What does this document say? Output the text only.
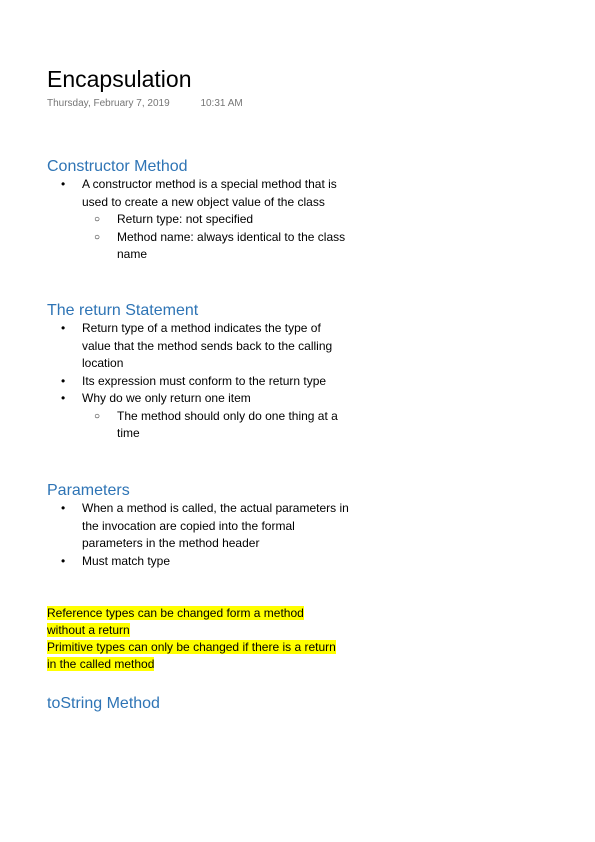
Encapsulation
Thursday, February 7, 2019	10:31 AM
Constructor Method
• A constructor method is a special method that is used to create a new object value of the class
○ Return type: not specified
○ Method name: always identical to the class name
The return Statement
• Return type of a method indicates the type of value that the method sends back to the calling location
• Its expression must conform to the return type
• Why do we only return one item
○ The method should only do one thing at a time
Parameters
• When a method is called, the actual parameters in the invocation are copied into the formal parameters in the method header
• Must match type
Reference types can be changed form a method without a return
Primitive types can only be changed if there is a return in the called method
toString Method
